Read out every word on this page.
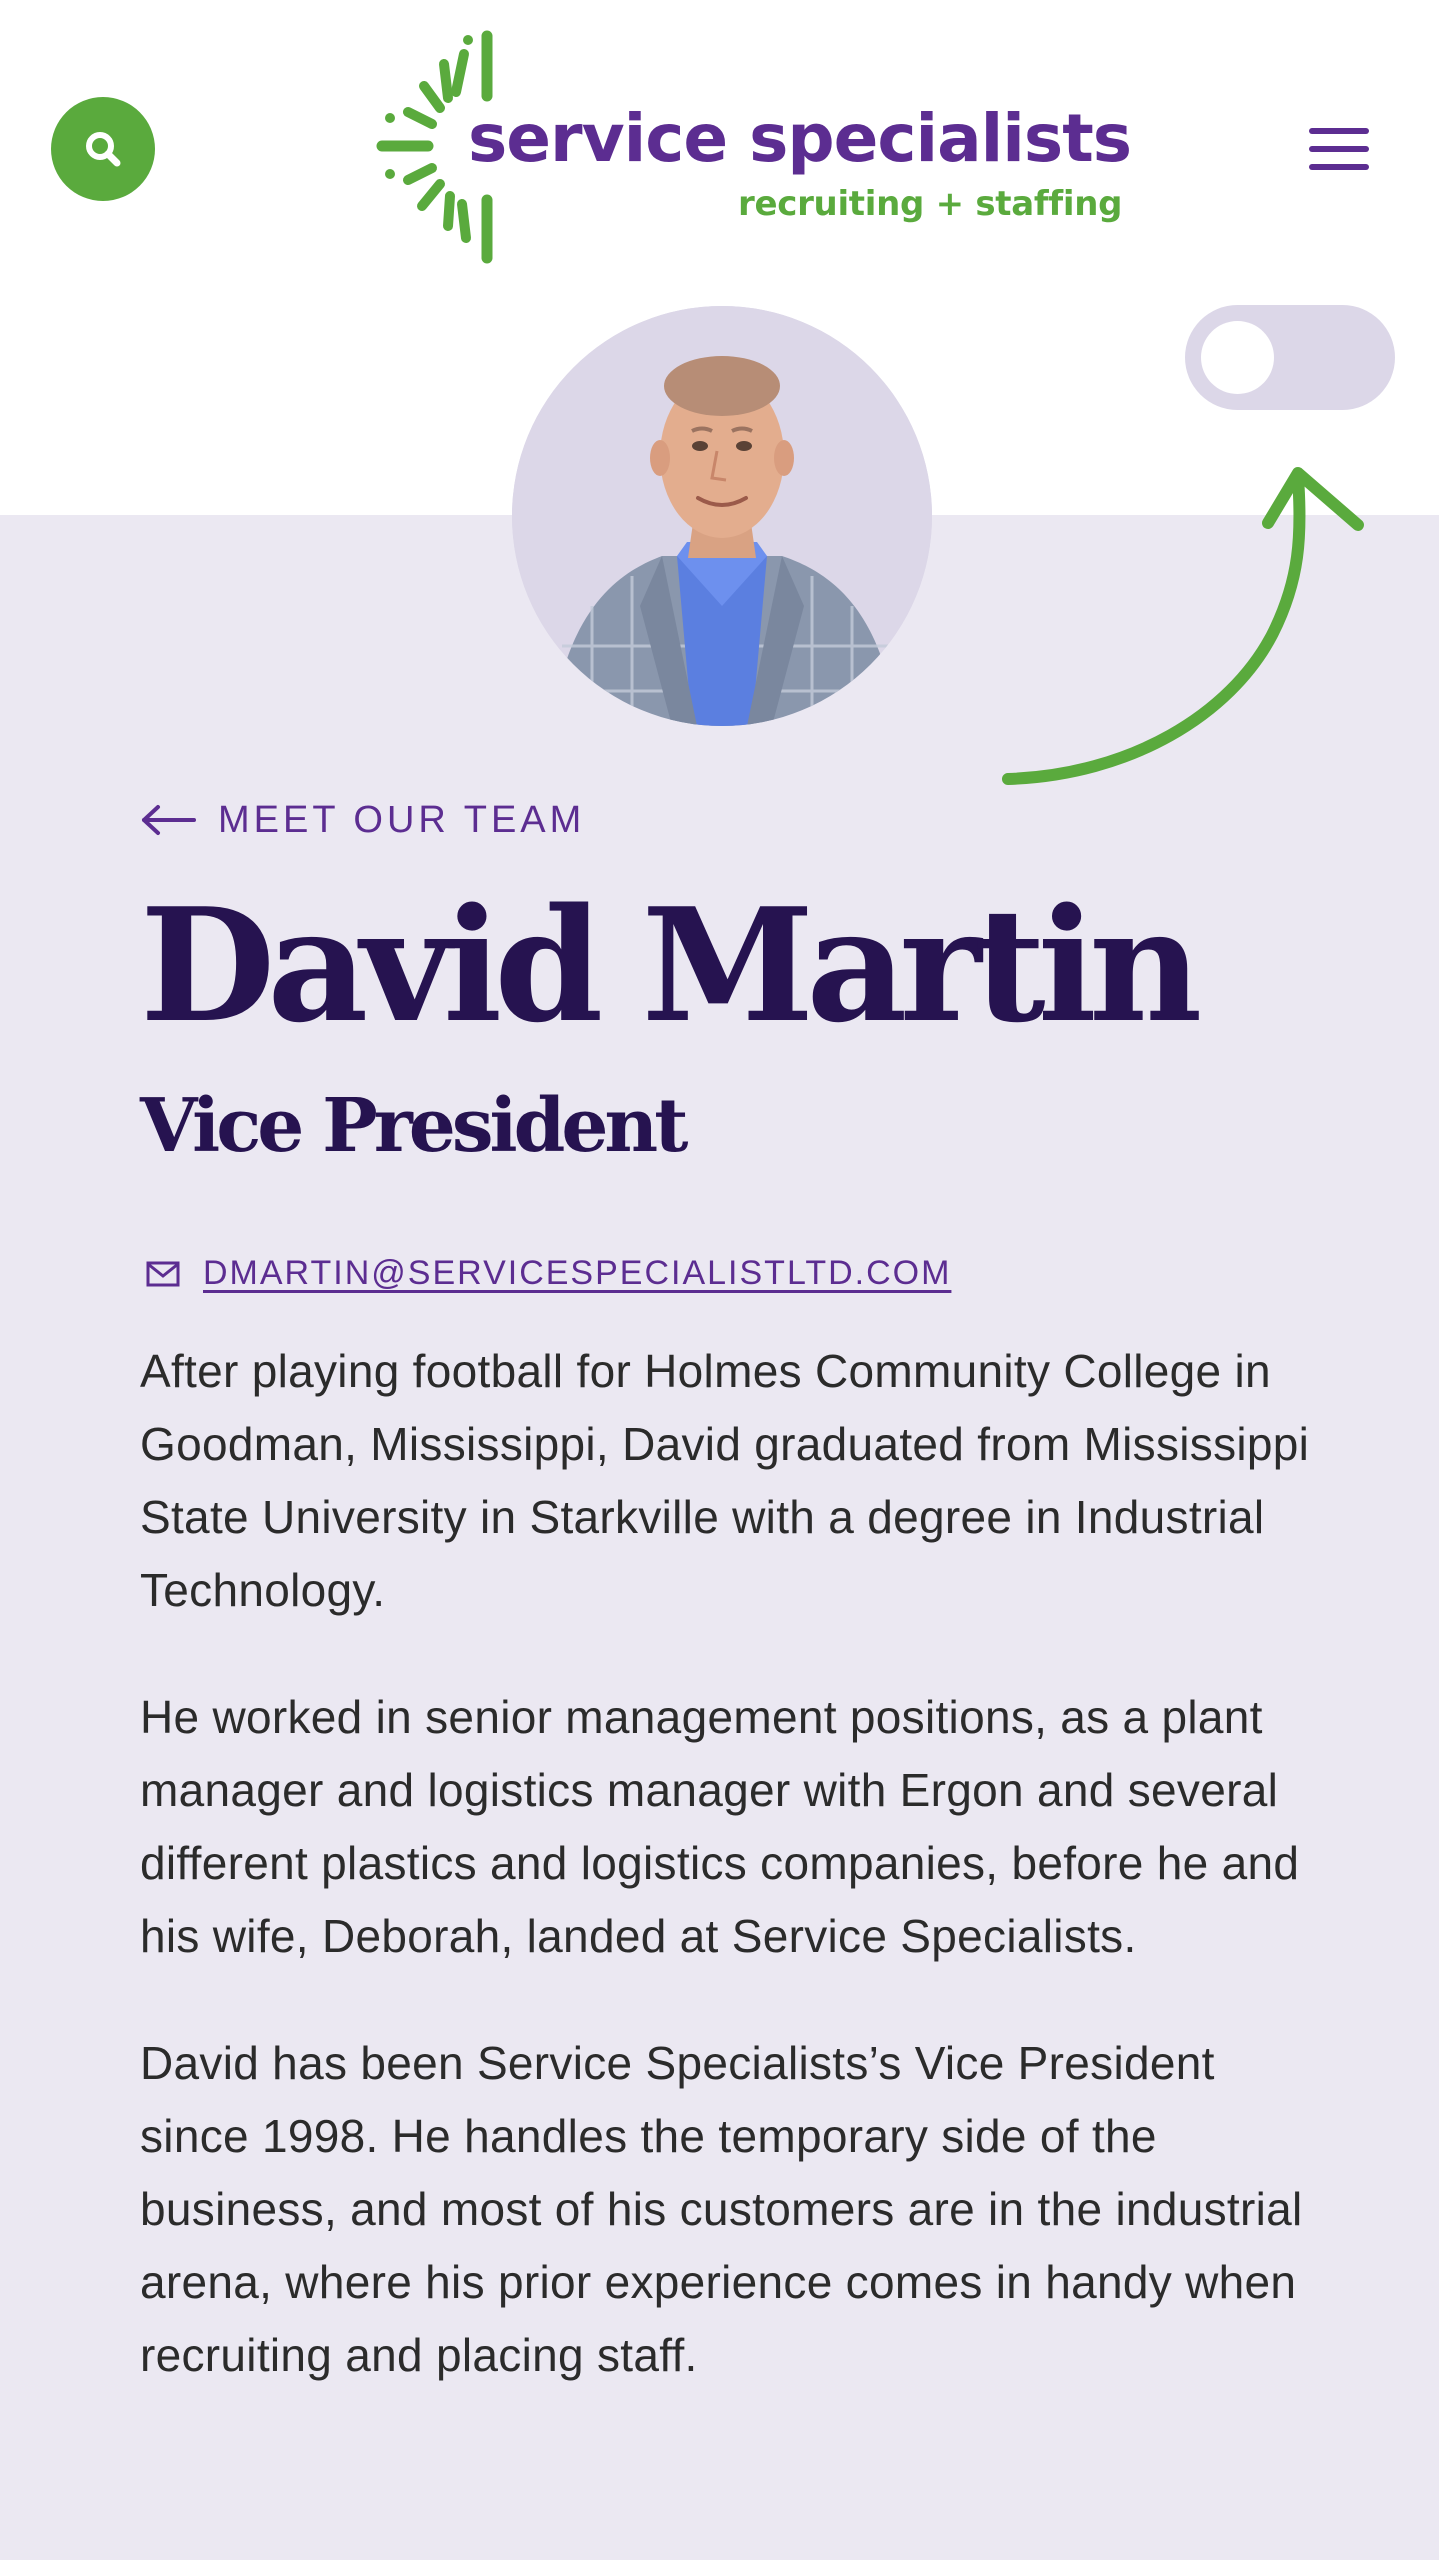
service specialists
recruiting + staffing
MEET OUR TEAM
David Martin
Vice President
DMARTIN@SERVICESPECIALISTLTD.COM

After playing football for Holmes Community College in Goodman, Mississippi, David graduated from Mississippi State University in Starkville with a degree in Industrial Technology.

He worked in senior management positions, as a plant manager and logistics manager with Ergon and several different plastics and logistics companies, before he and his wife, Deborah, landed at Service Specialists.

David has been Service Specialists’s Vice President since 1998. He handles the temporary side of the business, and most of his customers are in the industrial arena, where his prior experience comes in handy when recruiting and placing staff.
